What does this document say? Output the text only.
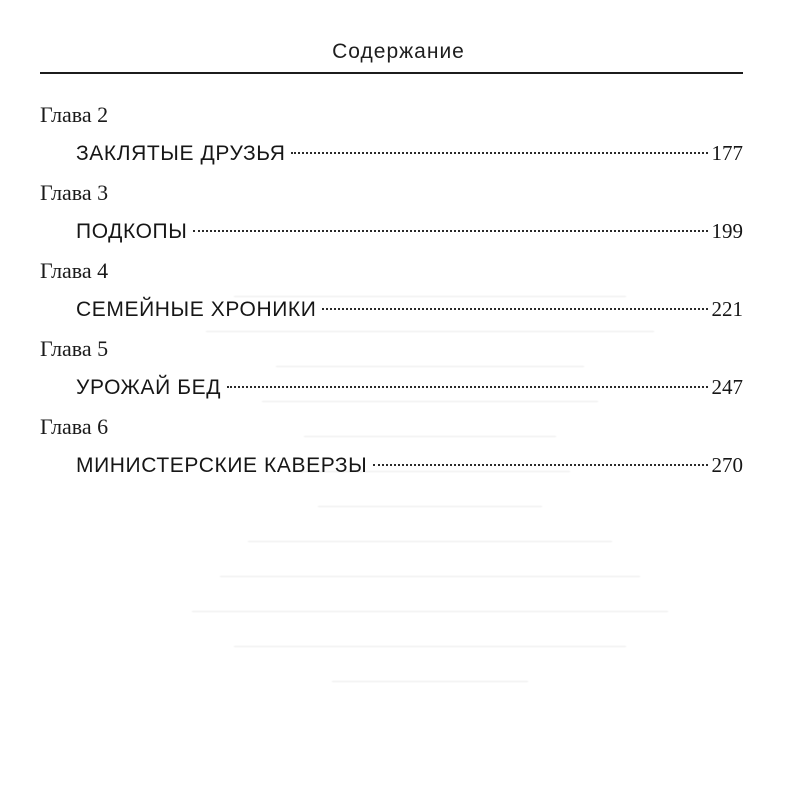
Содержание
Глава 2
ЗАКЛЯТЫЕ ДРУЗЬЯ	177
Глава 3
ПОДКОПЫ	199
Глава 4
СЕМЕЙНЫЕ ХРОНИКИ	221
Глава 5
УРОЖАЙ БЕД	247
Глава 6
МИНИСТЕРСКИЕ КАВЕРЗЫ	270
